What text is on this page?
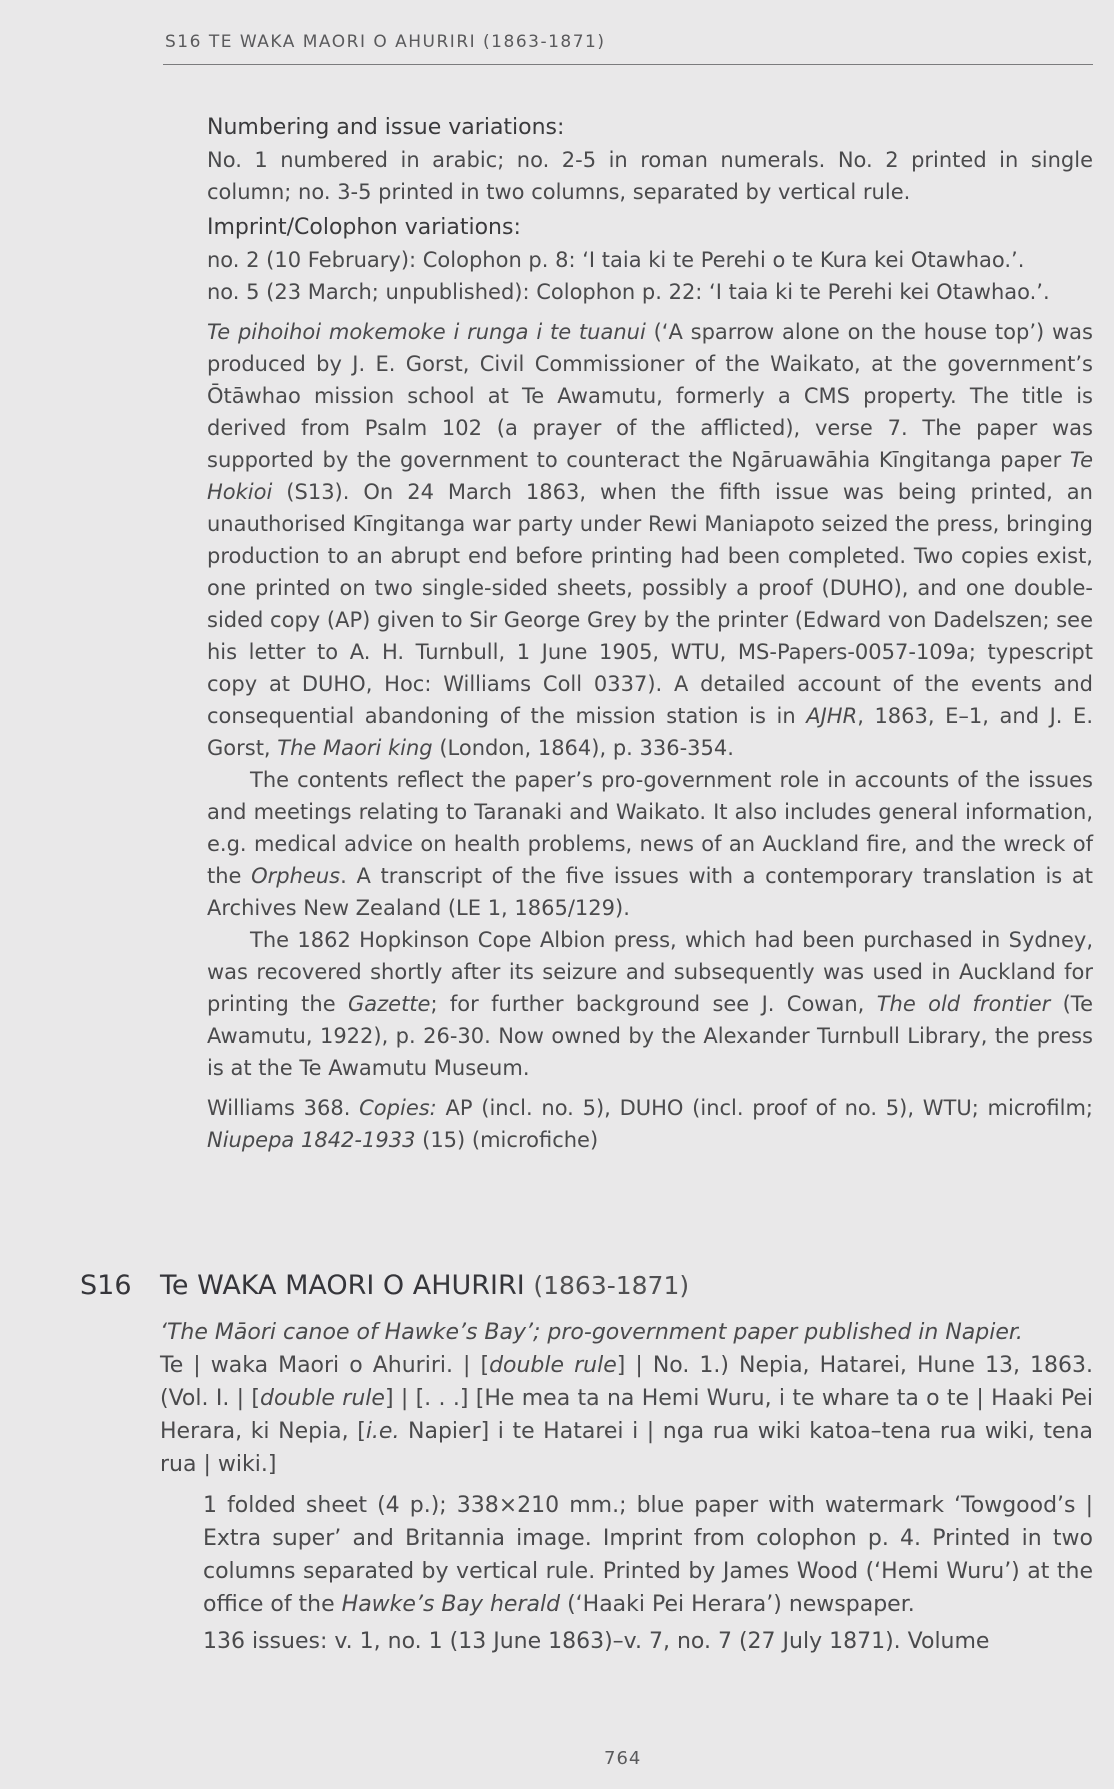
S16 TE WAKA MAORI O AHURIRI (1863-1871)

Numbering and issue variations:

No. 1 numbered in arabic; no. 2-5 in roman numerals. No. 2 printed in single column; no. 3-5 printed in two columns, separated by vertical rule.

Imprint/Colophon variations:

no. 2 (10 February): Colophon p. 8: ‘I taia ki te Perehi o te Kura kei Otawhao.’.

no. 5 (23 March; unpublished): Colophon p. 22: ‘I taia ki te Perehi kei Otawhao.’.

Te pihoihoi mokemoke i runga i te tuanui (‘A sparrow alone on the house top’) was produced by J. E. Gorst, Civil Commissioner of the Waikato, at the government’s Ōtāwhao mission school at Te Awamutu, formerly a CMS property. The title is derived from Psalm 102 (a prayer of the afflicted), verse 7. The paper was supported by the government to counteract the Ngāruawāhia Kīngitanga paper Te Hokioi (S13). On 24 March 1863, when the fifth issue was being printed, an unauthorised Kīngitanga war party under Rewi Maniapoto seized the press, bringing production to an abrupt end before printing had been completed. Two copies exist, one printed on two single-sided sheets, possibly a proof (DUHO), and one double-sided copy (AP) given to Sir George Grey by the printer (Edward von Dadelszen; see his letter to A. H. Turnbull, 1 June 1905, WTU, MS-Papers-0057-109a; typescript copy at DUHO, Hoc: Williams Coll 0337). A detailed account of the events and consequential abandoning of the mission station is in AJHR, 1863, E–1, and J. E. Gorst, The Maori king (London, 1864), p. 336-354.

The contents reflect the paper’s pro-government role in accounts of the issues and meetings relating to Taranaki and Waikato. It also includes general information, e.g. medical advice on health problems, news of an Auckland fire, and the wreck of the Orpheus. A transcript of the five issues with a contemporary translation is at Archives New Zealand (LE 1, 1865/129).

The 1862 Hopkinson Cope Albion press, which had been purchased in Sydney, was recovered shortly after its seizure and subsequently was used in Auckland for printing the Gazette; for further background see J. Cowan, The old frontier (Te Awamutu, 1922), p. 26-30. Now owned by the Alexander Turnbull Library, the press is at the Te Awamutu Museum.

Williams 368. Copies: AP (incl. no. 5), DUHO (incl. proof of no. 5), WTU; microfilm; Niupepa 1842-1933 (15) (microfiche)

S16 Te WAKA MAORI O AHURIRI (1863-1871)

‘The Māori canoe of Hawke’s Bay’; pro-government paper published in Napier.

Te | waka Maori o Ahuriri. | [double rule] | No. 1.) Nepia, Hatarei, Hune 13, 1863. (Vol. I. | [double rule] | [. . .] [He mea ta na Hemi Wuru, i te whare ta o te | Haaki Pei Herara, ki Nepia, [i.e. Napier] i te Hatarei i | nga rua wiki katoa–tena rua wiki, tena rua | wiki.]

1 folded sheet (4 p.); 338×210 mm.; blue paper with watermark ‘Towgood’s | Extra super’ and Britannia image. Imprint from colophon p. 4. Printed in two columns separated by vertical rule. Printed by James Wood (‘Hemi Wuru’) at the office of the Hawke’s Bay herald (‘Haaki Pei Herara’) newspaper.

136 issues: v. 1, no. 1 (13 June 1863)–v. 7, no. 7 (27 July 1871). Volume

764
